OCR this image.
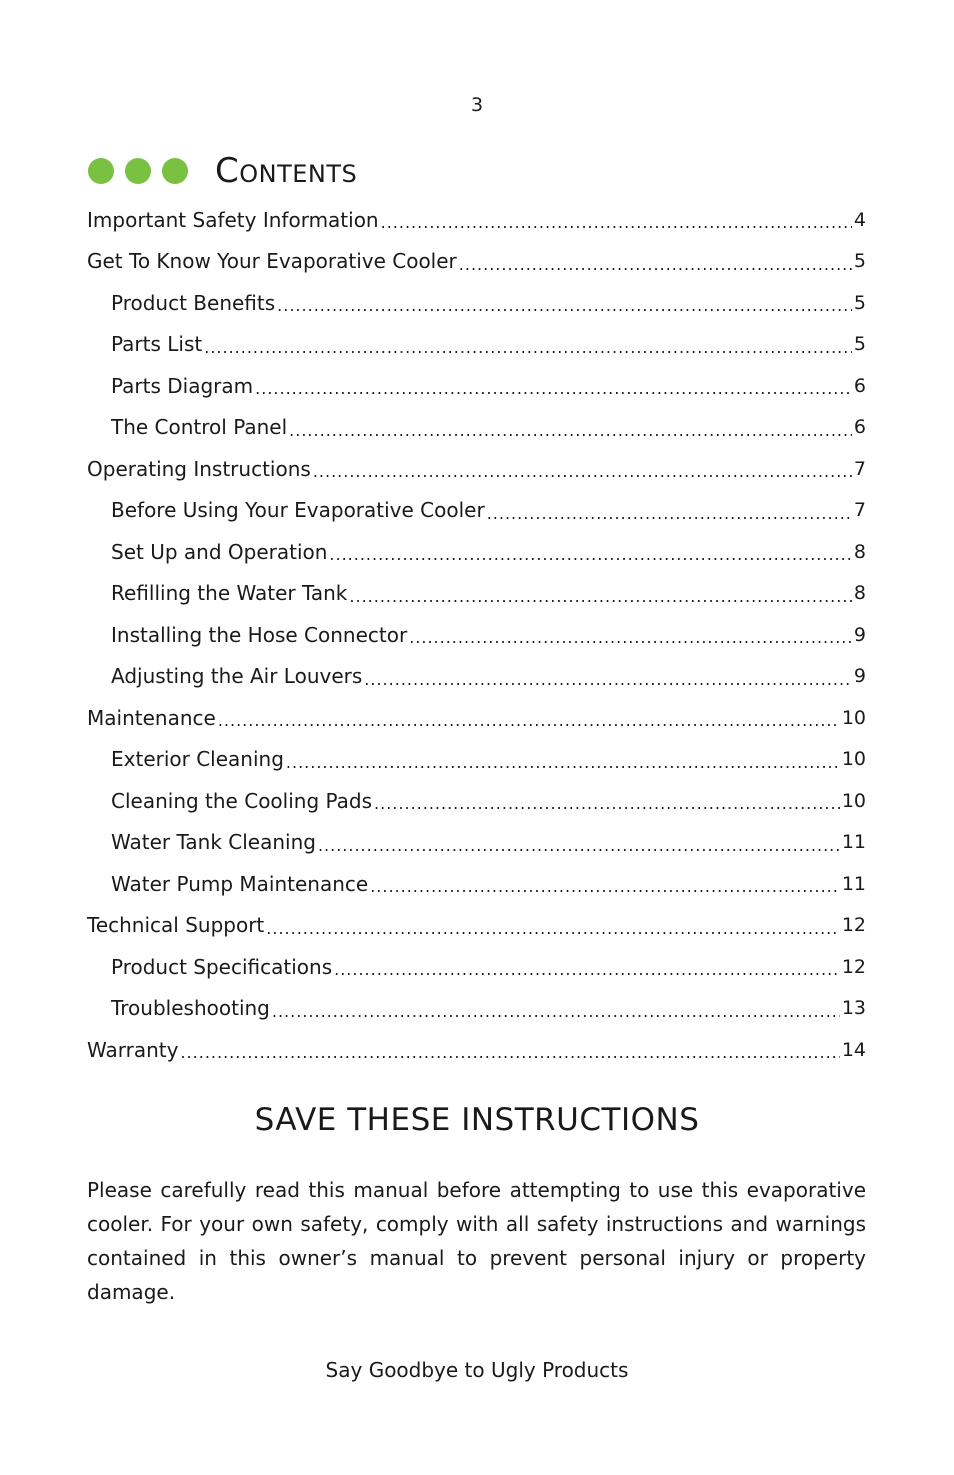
3
Contents
Important Safety Information .....	4
Get To Know Your Evaporative Cooler .....	5
Product Benefits .....	5
Parts List .....	5
Parts Diagram .....	6
The Control Panel .....	6
Operating Instructions .....	7
Before Using Your Evaporative Cooler .....	7
Set Up and Operation .....	8
Refilling the Water Tank .....	8
Installing the Hose Connector .....	9
Adjusting the Air Louvers .....	9
Maintenance .....	10
Exterior Cleaning .....	10
Cleaning the Cooling Pads .....	10
Water Tank Cleaning .....	11
Water Pump Maintenance .....	11
Technical Support .....	12
Product Specifications .....	12
Troubleshooting .....	13
Warranty .....	14
SAVE THESE INSTRUCTIONS
Please carefully read this manual before attempting to use this evaporative cooler. For your own safety, comply with all safety instructions and warnings contained in this owner’s manual to prevent personal injury or property damage.
Say Goodbye to Ugly Products
